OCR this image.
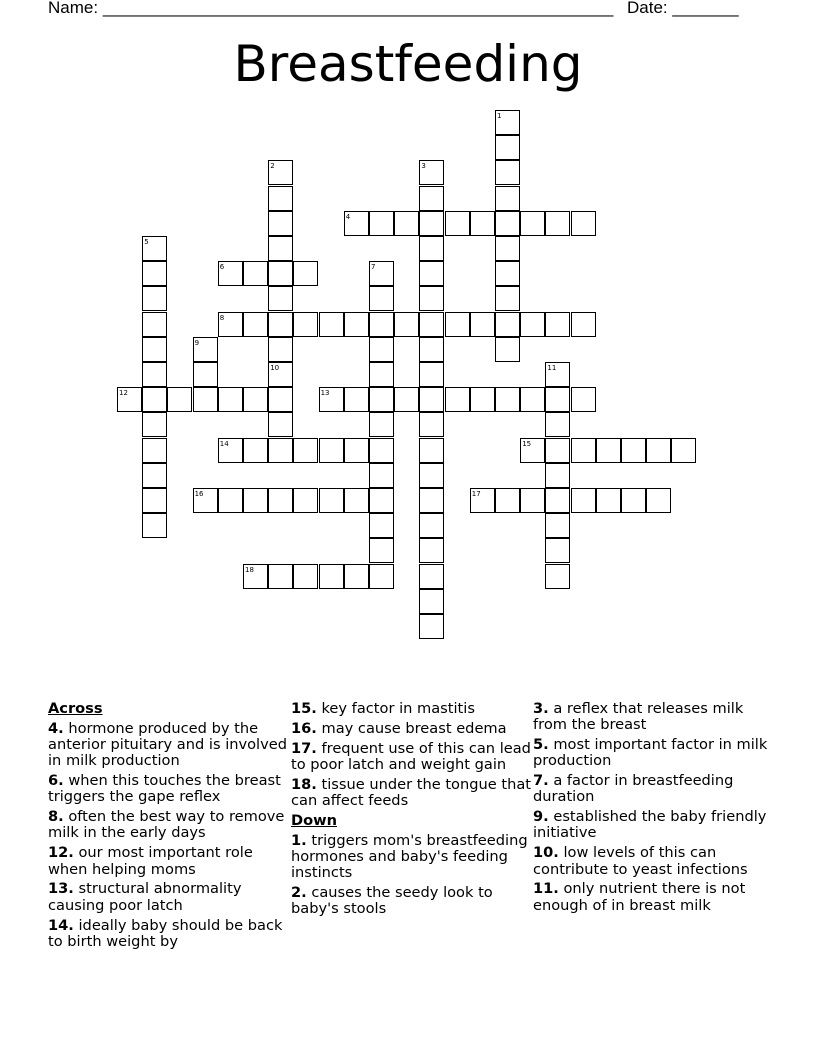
Name: ______________________________________________________ Date: _______
Breastfeeding
1
2
10
3
4
5
6	7
8
9
11
12	13
14	15
16	17
18
Across
4. hormone produced by the anterior pituitary and is involved in milk production
6. when this touches the breast triggers the gape reflex
8. often the best way to remove milk in the early days
12. our most important role when helping moms
13. structural abnormality causing poor latch
14. ideally baby should be back to birth weight by
15. key factor in mastitis
16. may cause breast edema
17. frequent use of this can lead to poor latch and weight gain
18. tissue under the tongue that can affect feeds
Down
1. triggers mom's breastfeeding hormones and baby's feeding instincts
2. causes the seedy look to baby's stools
3. a reflex that releases milk from the breast
5. most important factor in milk production
7. a factor in breastfeeding duration
9. established the baby friendly initiative
10. low levels of this can contribute to yeast infections
11. only nutrient there is not enough of in breast milk
